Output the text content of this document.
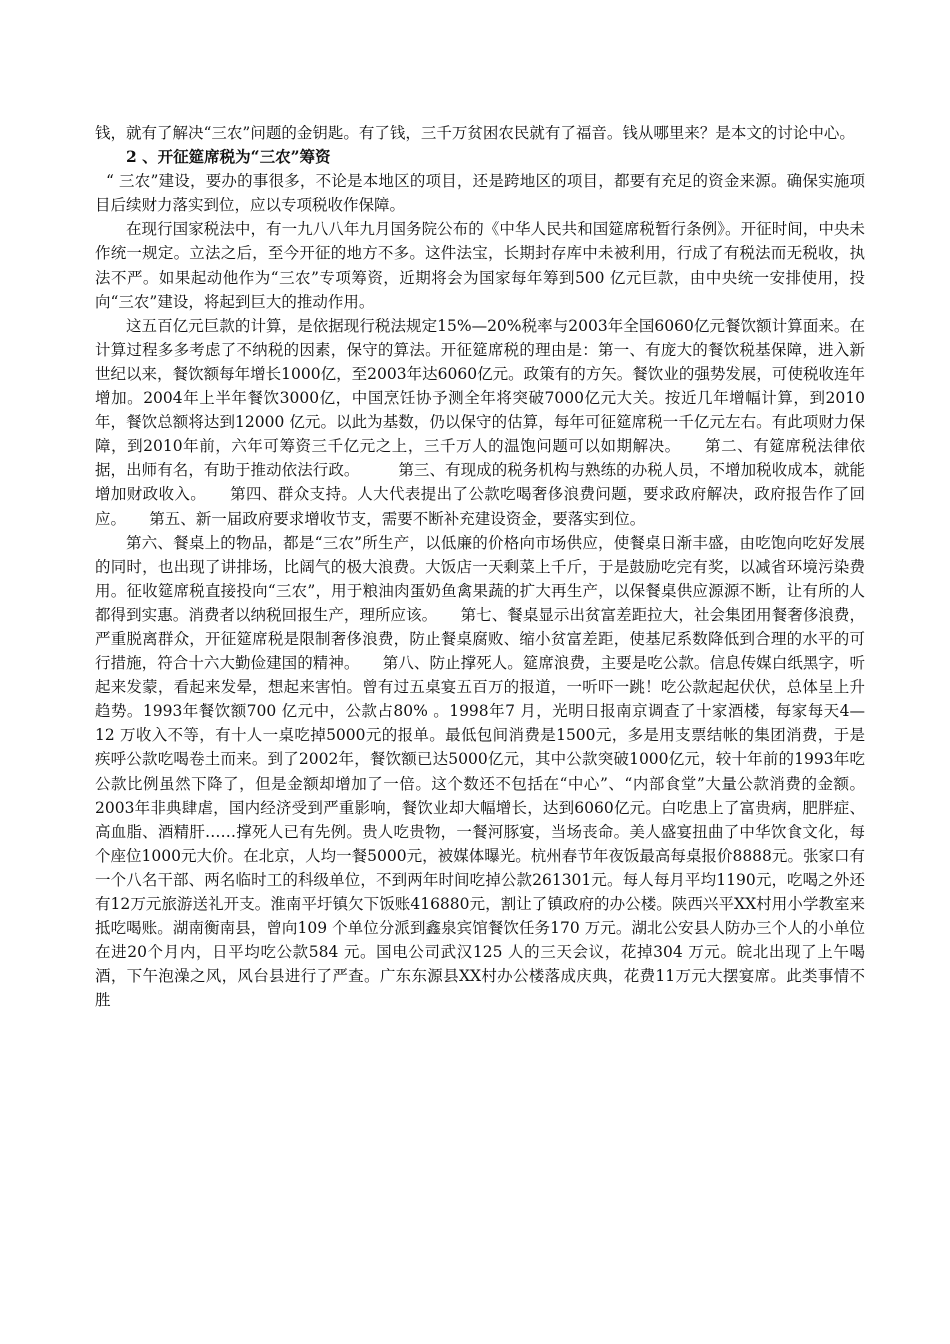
钱，就有了解决“三农”问题的金钥匙。有了钱，三千万贫困农民就有了福音。钱从哪里来？是本文的讨论中心。

2 、开征筵席税为“三农”筹资

“ 三农”建设，要办的事很多，不论是本地区的项目，还是跨地区的项目，都要有充足的资金来源。确保实施项目后续财力落实到位，应以专项税收作保障。

在现行国家税法中，有一九八八年九月国务院公布的《中华人民共和国筵席税暂行条例》。开征时间，中央未作统一规定。立法之后，至今开征的地方不多。这件法宝，长期封存库中未被利用，行成了有税法而无税收，执法不严。如果起动他作为“三农”专项筹资，近期将会为国家每年筹到500 亿元巨款，由中央统一安排使用，投向“三农”建设，将起到巨大的推动作用。

这五百亿元巨款的计算，是依据现行税法规定15%—20%税率与2003年全国6060亿元餐饮额计算面来。在计算过程多多考虑了不纳税的因素，保守的算法。开征筵席税的理由是：第一、有庞大的餐饮税基保障，进入新世纪以来，餐饮额每年增长1000亿，至2003年达6060亿元。政策有的方矢。餐饮业的强势发展，可使税收连年增加。2004年上半年餐饮3000亿，中国烹饪协予测全年将突破7000亿元大关。按近几年增幅计算，到2010年，餐饮总额将达到12000 亿元。以此为基数，仍以保守的估算，每年可征筵席税一千亿元左右。有此项财力保障，到2010年前，六年可筹资三千亿元之上，三千万人的温饱问题可以如期解决。　　第二、有筵席税法律依据，出师有名，有助于推动依法行政。　　　第三、有现成的税务机构与熟练的办税人员，不增加税收成本，就能增加财政收入。　　第四、群众支持。人大代表提出了公款吃喝奢侈浪费问题，要求政府解决，政府报告作了回应。　　第五、新一届政府要求增收节支，需要不断补充建设资金，要落实到位。

第六、餐桌上的物品，都是“三农”所生产，以低廉的价格向市场供应，使餐桌日渐丰盛，由吃饱向吃好发展的同时，也出现了讲排场，比阔气的极大浪费。大饭店一天剩菜上千斤，于是鼓励吃完有奖，以减省环境污染费用。征收筵席税直接投向“三农”，用于粮油肉蛋奶鱼禽果蔬的扩大再生产，以保餐桌供应源源不断，让有所的人都得到实惠。消费者以纳税回报生产，理所应该。　　第七、餐桌显示出贫富差距拉大，社会集团用餐奢侈浪费，严重脱离群众，开征筵席税是限制奢侈浪费，防止餐桌腐败、缩小贫富差距，使基尼系数降低到合理的水平的可行措施，符合十六大勤俭建国的精神。　　第八、防止撑死人。筵席浪费，主要是吃公款。信息传媒白纸黑字，听起来发蒙，看起来发晕，想起来害怕。曾有过五桌宴五百万的报道，一听吓一跳！吃公款起起伏伏，总体呈上升趋势。1993年餐饮额700 亿元中，公款占80% 。1998年7 月，光明日报南京调查了十家酒楼，每家每天4—12 万收入不等，有十人一桌吃掉5000元的报单。最低包间消费是1500元，多是用支票结帐的集团消费，于是疾呼公款吃喝卷土而来。到了2002年，餐饮额已达5000亿元，其中公款突破1000亿元，较十年前的1993年吃公款比例虽然下降了，但是金额却增加了一倍。这个数还不包括在“中心”、“内部食堂”大量公款消费的金额。2003年非典肆虐，国内经济受到严重影响，餐饮业却大幅增长，达到6060亿元。白吃患上了富贵病，肥胖症、高血脂、酒精肝……撑死人已有先例。贵人吃贵物，一餐河豚宴，当场丧命。美人盛宴扭曲了中华饮食文化，每个座位1000元大价。在北京，人均一餐5000元，被媒体曝光。杭州春节年夜饭最高每桌报价8888元。张家口有一个八名干部、两名临时工的科级单位，不到两年时间吃掉公款261301元。每人每月平均1190元，吃喝之外还有12万元旅游送礼开支。淮南平圩镇欠下饭账416880元，割让了镇政府的办公楼。陕西兴平XX村用小学教室来抵吃喝账。湖南衡南县，曾向109 个单位分派到鑫泉宾馆餐饮任务170 万元。湖北公安县人防办三个人的小单位在进20个月内，日平均吃公款584 元。国电公司武汉125 人的三天会议，花掉304 万元。皖北出现了上午喝酒，下午泡澡之风，风台县进行了严查。广东东源县XX村办公楼落成庆典，花费11万元大摆宴席。此类事情不胜
